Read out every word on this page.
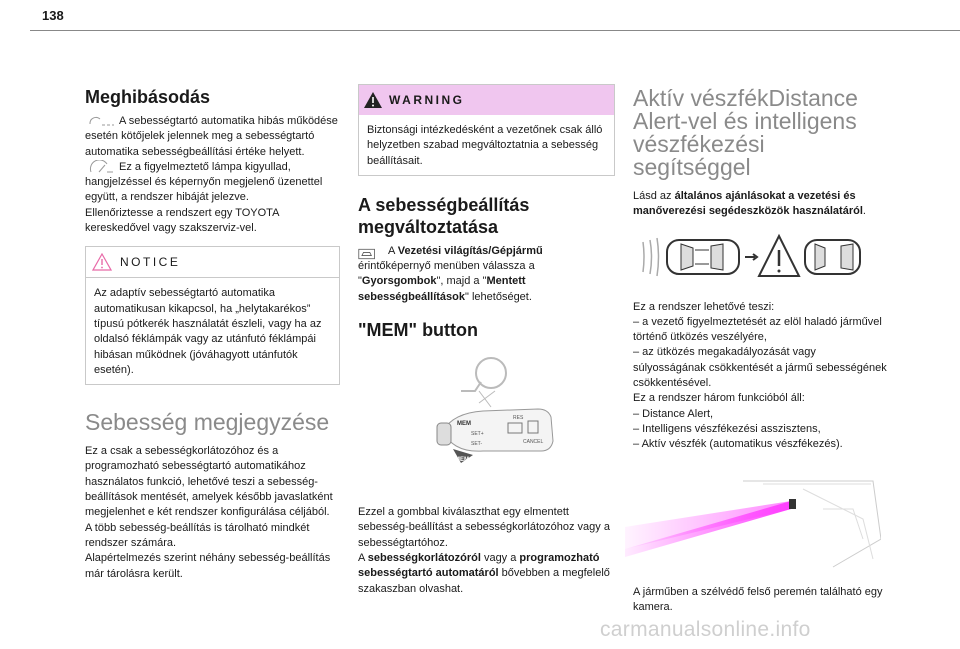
138
Meghibásodás

A sebességtartó automatika hibás működése esetén kötőjelek jelennek meg a sebességtartó automatika sebességbeállítási értéke helyett.

Ez a figyelmeztető lámpa kigyullad, hangjelzéssel és képernyőn megjelenő üzenettel együtt, a rendszer hibáját jelezve.

Ellenőriztesse a rendszert egy TOYOTA kereskedővel vagy szakszerviz-vel.

NOTICE

Az adaptív sebességtartó automatika automatikusan kikapcsol, ha „helytakarékos” típusú pótkerék használatát észleli, vagy ha az oldalsó féklámpák vagy az utánfutó féklámpái hibásan működnek (jóváhagyott utánfutók esetén).

Sebesség megjegyzése

Ez a csak a sebességkorlátozóhoz és a programozható sebességtartó automatikához használatos funkció, lehetővé teszi a sebesség-beállítások mentését, amelyek később javaslatként megjelenhet e két rendszer konfigurálása céljából.

A több sebesség-beállítás is tárolható mindkét rendszer számára.

Alapértelmezés szerint néhány sebesség-beállítás már tárolásra került.

WARNING

Biztonsági intézkedésként a vezetőnek csak álló helyzetben szabad megváltoztatnia a sebesség beállításait.

A sebességbeállítás megváltoztatása

A Vezetési világítás/Gépjármű érintőképernyő menüben válassza a "Gyorsgombok", majd a "Mentett sebességbeállítások" lehetőséget.

"MEM" button
MEM
SET+
SET-
RES
CANCEL
MEM

Ezzel a gombbal kiválaszthat egy elmentett sebesség-beállítást a sebességkorlátozóhoz vagy a sebességtartóhoz.

A sebességkorlátozóról vagy a programozható sebességtartó automatáról bővebben a megfelelő szakaszban olvashat.

Aktív vészfékDistance Alert-vel és intelligens vészfékezési segítséggel

Lásd az általános ajánlásokat a vezetési és manőverezési segédeszközök használatáról.

Ez a rendszer lehetővé teszi:

– a vezető figyelmeztetését az elöl haladó járművel történő ütközés veszélyére,

– az ütközés megakadályozását vagy súlyosságának csökkentését a jármű sebességének csökkentésével.

Ez a rendszer három funkcióból áll:

– Distance Alert,

– Intelligens vészfékezési asszisztens,

– Aktív vészfék (automatikus vészfékezés).

A járműben a szélvédő felső peremén található egy kamera.

carmanualsonline.info
